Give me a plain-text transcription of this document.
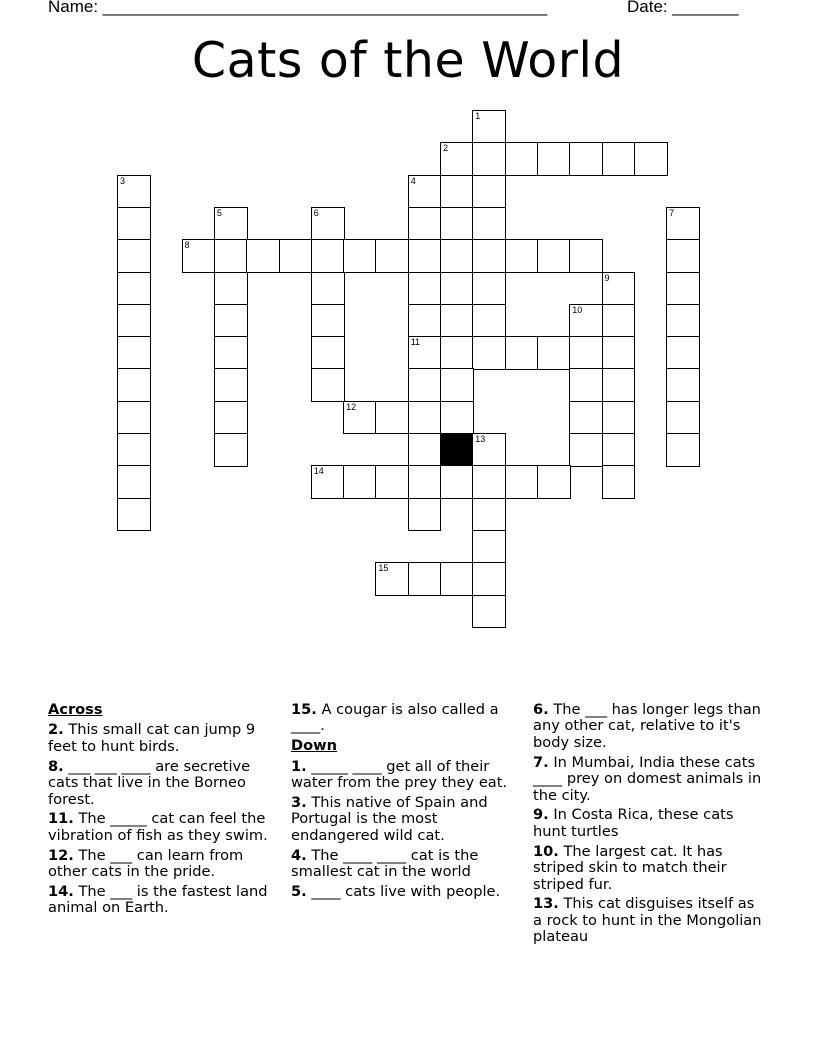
Name: _______________________________________________	Date: _______
Cats of the World
1
2
3	4
5	6	7
8
9
10
11
12
13
14
15
Across
2. This small cat can jump 9 feet to hunt birds.
8. ___ ___ ____ are secretive cats that live in the Borneo forest.
11. The _____ cat can feel the vibration of fish as they swim.
12. The ___ can learn from other cats in the pride.
14. The ___ is the fastest land animal on Earth.
15. A cougar is also called a ____.
Down
1. _____ ____ get all of their water from the prey they eat.
3. This native of Spain and Portugal is the most endangered wild cat.
4. The ____ ____ cat is the smallest cat in the world
5. ____ cats live with people.
6. The ___ has longer legs than any other cat, relative to it's body size.
7. In Mumbai, India these cats ____ prey on domest animals in the city.
9. In Costa Rica, these cats hunt turtles
10. The largest cat. It has striped skin to match their striped fur.
13. This cat disguises itself as a rock to hunt in the Mongolian plateau
